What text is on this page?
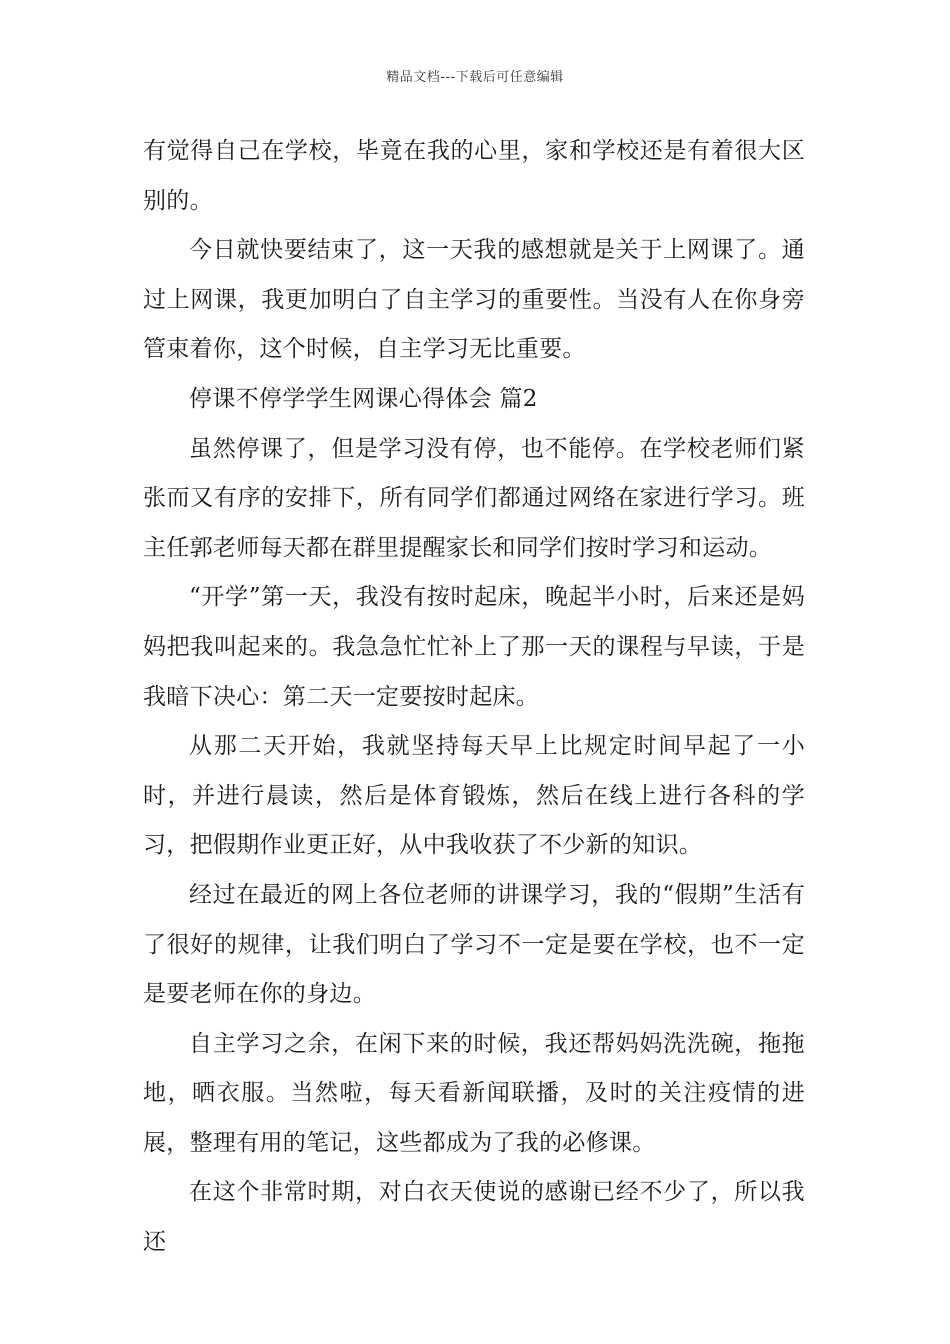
精品文档---下载后可任意编辑

有觉得自己在学校，毕竟在我的心里，家和学校还是有着很大区别的。

今日就快要结束了，这一天我的感想就是关于上网课了。通过上网课，我更加明白了自主学习的重要性。当没有人在你身旁管束着你，这个时候，自主学习无比重要。

停课不停学学生网课心得体会 篇2

虽然停课了，但是学习没有停，也不能停。在学校老师们紧张而又有序的安排下，所有同学们都通过网络在家进行学习。班主任郭老师每天都在群里提醒家长和同学们按时学习和运动。

“开学”第一天，我没有按时起床，晚起半小时，后来还是妈妈把我叫起来的。我急急忙忙补上了那一天的课程与早读，于是我暗下决心：第二天一定要按时起床。

从那二天开始，我就坚持每天早上比规定时间早起了一小时，并进行晨读，然后是体育锻炼，然后在线上进行各科的学习，把假期作业更正好，从中我收获了不少新的知识。

经过在最近的网上各位老师的讲课学习，我的“假期”生活有了很好的规律，让我们明白了学习不一定是要在学校，也不一定是要老师在你的身边。

自主学习之余，在闲下来的时候，我还帮妈妈洗洗碗，拖拖地，晒衣服。当然啦，每天看新闻联播，及时的关注疫情的进展，整理有用的笔记，这些都成为了我的必修课。

在这个非常时期，对白衣天使说的感谢已经不少了，所以我还
